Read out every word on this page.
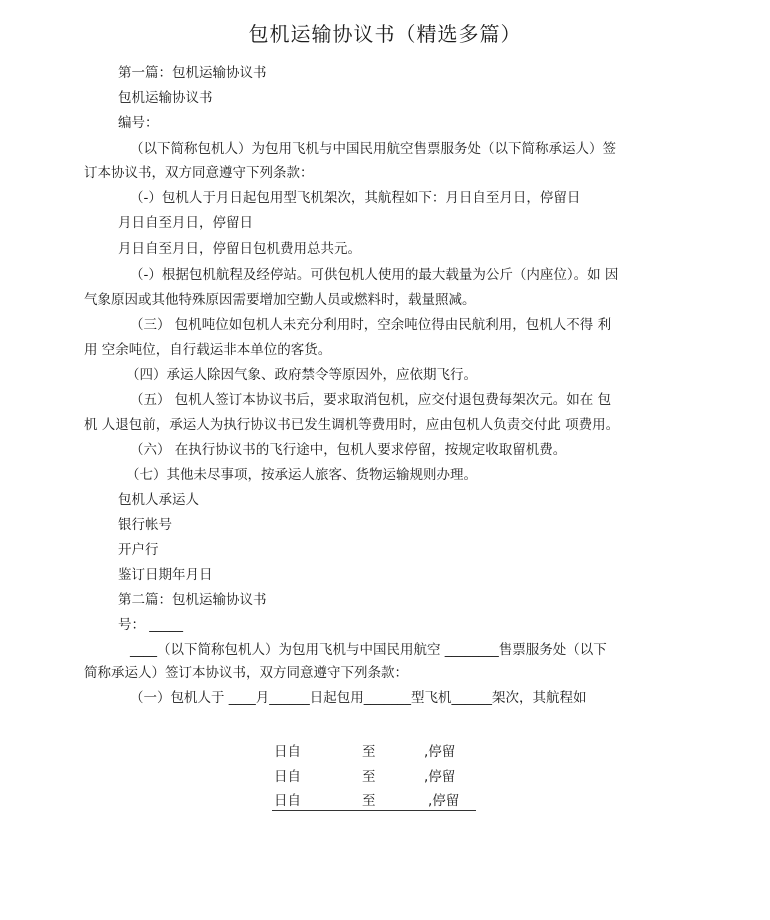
包机运输协议书（精选多篇）
第一篇：包机运输协议书
包机运输协议书
编号：
（以下简称包机人）为包用飞机与中国民用航空售票服务处（以下简称承运人）签
订本协议书，双方同意遵守下列条款：
（-）包机人于月日起包用型飞机架次，其航程如下：月日自至月日，停留日
月日自至月日，停留日
月日自至月日，停留日包机费用总共元。
（-）根据包机航程及经停站。可供包机人使用的最大载量为公斤（内座位）。如 因
气象原因或其他特殊原因需要增加空勤人员或燃料时，载量照减。
（三） 包机吨位如包机人未充分利用时，空余吨位得由民航利用，包机人不得 利
用 空余吨位，自行载运非本单位的客货。
（四）承运人除因气象、政府禁令等原因外，应依期飞行。
（五） 包机人签订本协议书后，要求取消包机，应交付退包费每架次元。如在 包
机 人退包前，承运人为执行协议书已发生调机等费用时，应由包机人负责交付此 项费用。
（六） 在执行协议书的飞行途中，包机人要求停留，按规定收取留机费。
（七）其他未尽事项，按承运人旅客、货物运输规则办理。
包机人承运人
银行帐号
开户行
鉴订日期年月日
第二篇：包机运输协议书
号： _____
____（以下简称包机人）为包用飞机与中国民用航空 ________售票服务处（以下
简称承运人）签订本协议书，双方同意遵守下列条款：
（一）包机人于 ____月______日起包用_______型飞机______架次，其航程如
日自	至	,停留
日自	至	,停留
日自	至	,停留
